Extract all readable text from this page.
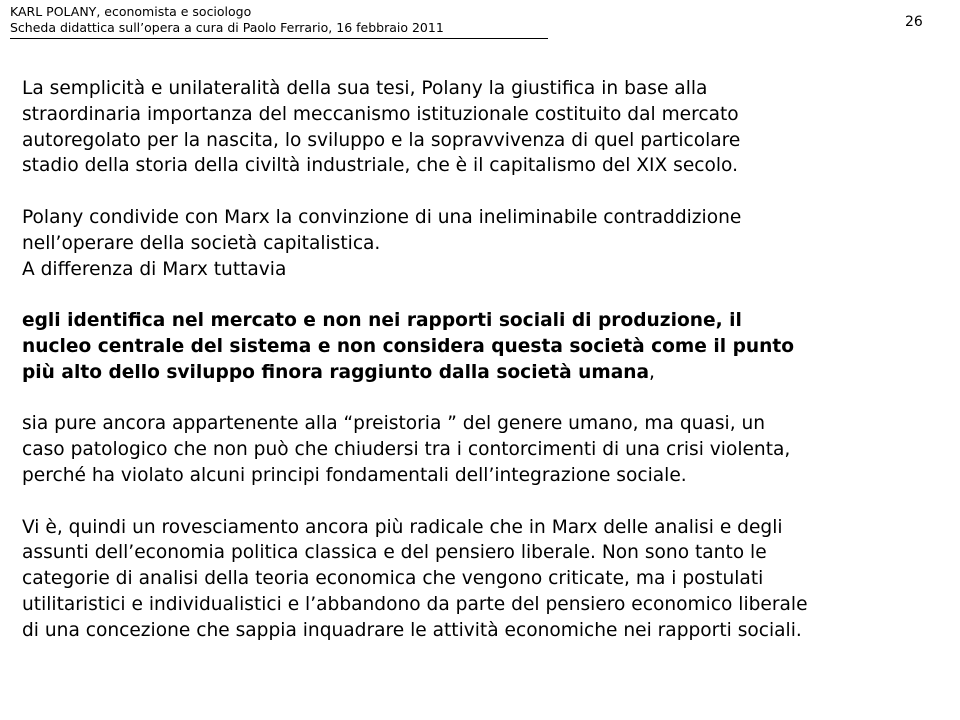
KARL POLANY, economista e sociologo
Scheda didattica sull’opera a cura di Paolo Ferrario, 16 febbraio 2011	26
La semplicità e unilateralità della sua tesi, Polany la giustifica in base alla
straordinaria importanza del meccanismo istituzionale costituito dal mercato
autoregolato per la nascita, lo sviluppo e la sopravvivenza di quel particolare
stadio della storia della civiltà industriale, che è il capitalismo del XIX secolo.
Polany condivide con Marx la convinzione di una ineliminabile contraddizione
nell’operare della società capitalistica.
A differenza di Marx tuttavia
egli identifica nel mercato e non nei rapporti sociali di produzione, il
nucleo centrale del sistema e non considera questa società come il punto
più alto dello sviluppo finora raggiunto dalla società umana,
sia pure ancora appartenente alla “preistoria ” del genere umano, ma quasi, un
caso patologico che non può che chiudersi tra i contorcimenti di una crisi violenta,
perché ha violato alcuni principi fondamentali dell’integrazione sociale.
Vi è, quindi un rovesciamento ancora più radicale che in Marx delle analisi e degli
assunti dell’economia politica classica e del pensiero liberale. Non sono tanto le
categorie di analisi della teoria economica che vengono criticate, ma i postulati
utilitaristici e individualistici e l’abbandono da parte del pensiero economico liberale
di una concezione che sappia inquadrare le attività economiche nei rapporti sociali.
